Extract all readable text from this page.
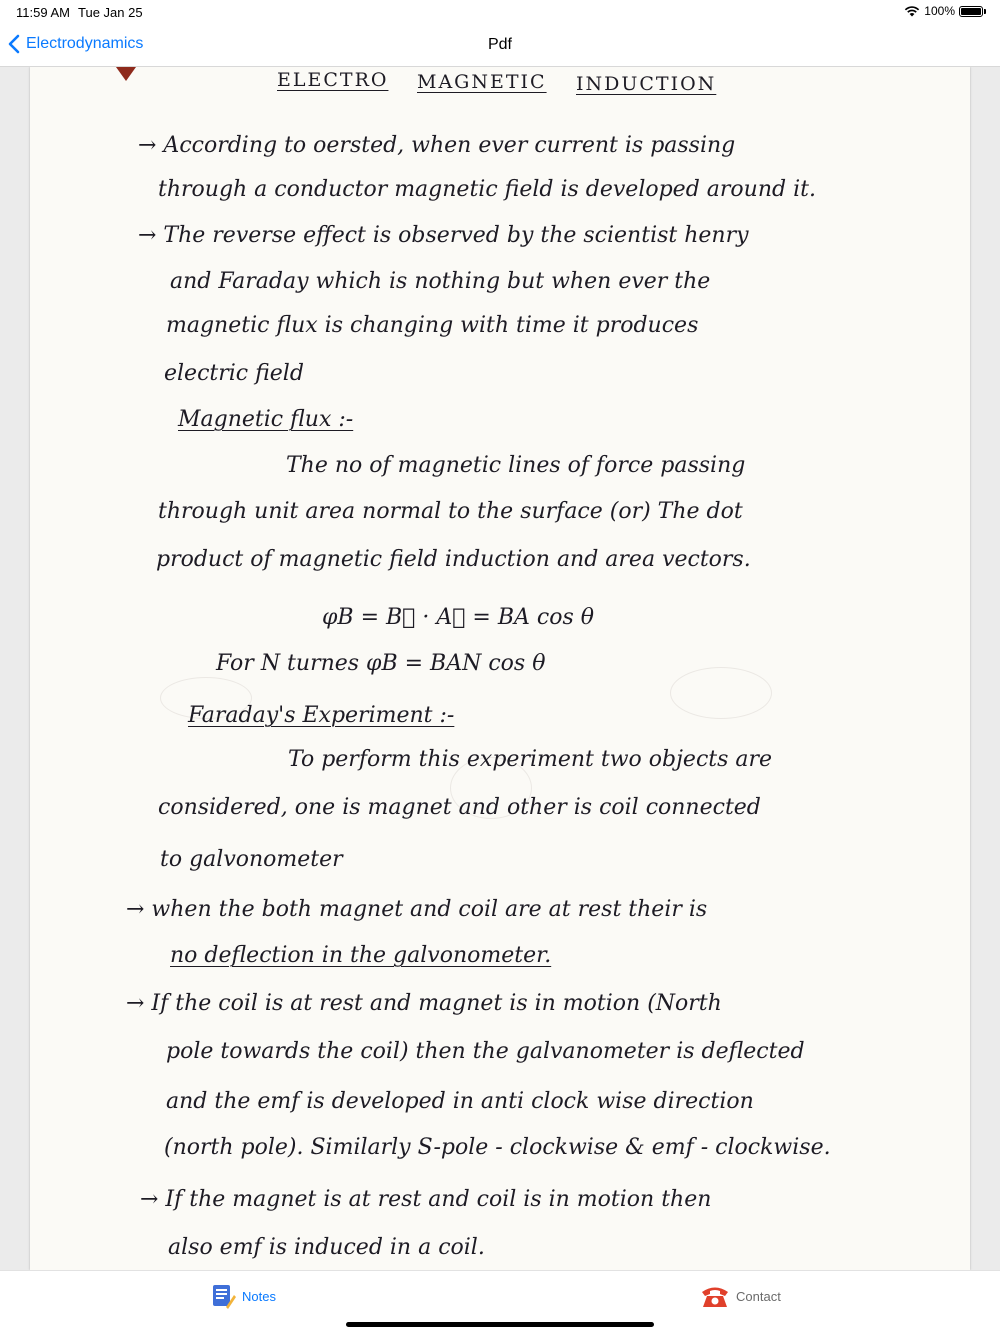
11:59 AM Tue Jan 25	100%
Electrodynamics	Pdf
ELECTRO MAGNETIC INDUCTION
→ According to oersted, when ever current is passing
through a conductor magnetic field is developed around it.
→ The reverse effect is observed by the scientist henry
and Faraday which is nothing but when ever the
magnetic flux is changing with time it produces
electric field
Magnetic flux :-
The no of magnetic lines of force passing
through unit area normal to the surface (or) The dot
product of magnetic field induction and area vectors.
φB = B⃗ · A⃗ = BA cos θ
For N turnes φB = BAN cos θ
Faraday's Experiment :-
To perform this experiment two objects are
considered, one is magnet and other is coil connected
to galvonometer
→ when the both magnet and coil are at rest their is
no deflection in the galvonometer.
→ If the coil is at rest and magnet is in motion (North
pole towards the coil) then the galvanometer is deflected
and the emf is developed in anti clock wise direction
(north pole). Similarly S-pole - clockwise & emf - clockwise.
→ If the magnet is at rest and coil is in motion then
also emf is induced in a coil.
Notes	Contact
